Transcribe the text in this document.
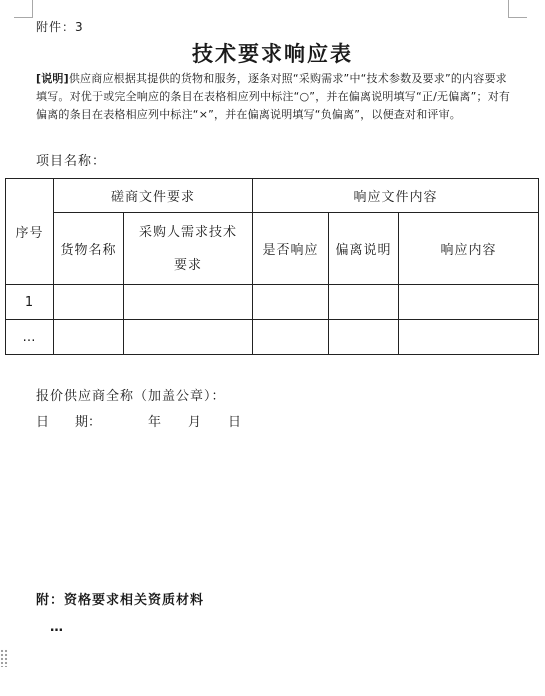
附件：3
技术要求响应表
[说明]供应商应根据其提供的货物和服务，逐条对照“采购需求”中“技术参数及要求”的内容要求填写。对优于或完全响应的条目在表格相应列中标注“○”，并在偏离说明填写“正/无偏离”；对有偏离的条目在表格相应列中标注“×”，并在偏离说明填写“负偏离”，以便查对和评审。
项目名称：
序号	磋商文件要求		响应文件内容		
	货物名称	采购人需求技术
要求	是否响应	偏离说明	响应内容
1					
…					
报价供应商全称（加盖公章）：
日　　期：	年 月 日
附：资格要求相关资质材料
…
